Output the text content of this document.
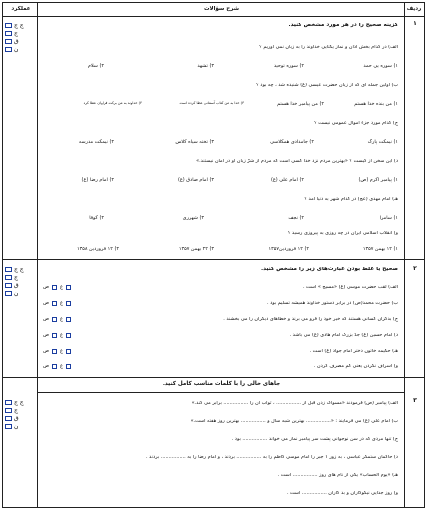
ردیف
شرح سؤالات
عملکرد
۱
ج ج
ج
ق
ن
گزینه صحیح را در هر مورد مشخص کنید.
الف) در کدام بخش اذان و نماز یکتایی خداوند را به زبان نمی آوریم ؟
۱) سوره یی حمد
۲) سوره توحید
۳) تشهد
۴) سلام
ب) اولین جمله ای که از زبان حضرت عیسی (ع) شنیده شد ، چه بود ؟
۱) من بنده خدا هستم
۲) من پیامبر خدا هستم
۳) خدا به من کتاب آسمانی عطا کرده است
۴) خداوند به من برکت فراوان عطا کرد
ج) کدام مورد جزء اموال عمومی نیست ؟
۱) نیمکت پارک
۲) جامدادی همکلاسی
۳) تخته سیاه کلاس
۴) نیمکت مدرسه
د) این سخن از کیست ؟ «بهترین مردم نزد خدا کسی است که مردم از شرّ زبان او در امان نیستند.»
۱) پیامبر اکرم (ص)
۲) امام علی (ع)
۳) امام صادق (ع)
۴) امام رضا (ع)
هـ) امام مهدی (عج) در کدام شهر به دنیا آمد ؟
۱) سامرا
۲) نجف
۳) شهرری
۴) کوفا
و) انقلاب اسلامی ایران در چه روزی به پیروزی رسید ؟
۱) ۱۲ بهمن ۱۳۵۷
۲) ۱۲ فروردین۱۳۵۷
۳) ۲۲ بهمن ۱۳۵۷
۴) ۱۲ فروردین ۱۳۵۸
۲
ج ج
ج
ق
ن
صحیح یا غلط بودن عبارت‌های زیر را مشخص کنید.
الف) لقب حضرت موسی (ع) «مسیح » است .
ص غ
ب) حضرت محمد(ص) در برابر دستور خداوند همیشه تسلیم بود .
ص غ
ج) بدگزان کسانی هستند که خیر خود را فرو می برند و خطاهای دیگران را می بخشند .
ص غ
د) امام حسین (ع) جدّ بزرگ امام هادی (ع) می باشد .
ص غ
هـ) حکیمه خاتون دختر امام جواد (ع) است .
ص غ
و) اسراف نکردن یعنی کم مصرف کردن .
ص غ
جاهای خالی را با کلمات مناسب کامل کنید.
۳
ج ج
ج
ق
ن
الف) پیامبر (ص) فرمودند «مسواک زدن قبل از ................ ، ثواب آن را ................ برابر می کند.»
ب) امام علی (ع) می فرمایند : «................ بهترین شبه سال و ................ بهترین روز هفته است.»
ج) تنها مردی که در سن نوجوانی پشت سر پیامبر نماز می خواند ................ بود .
د) حاکمان ستمگر عباسی ، به زور ۱ جبر را امام موسی کاظم را به ................ بردند ، و امام رضا را به ................ بردند .
هـ) «یوم الحساب» یکی از نام های روز ................ است .
و) روز جدایی نیکوکاران و بد کاران ................ است .
